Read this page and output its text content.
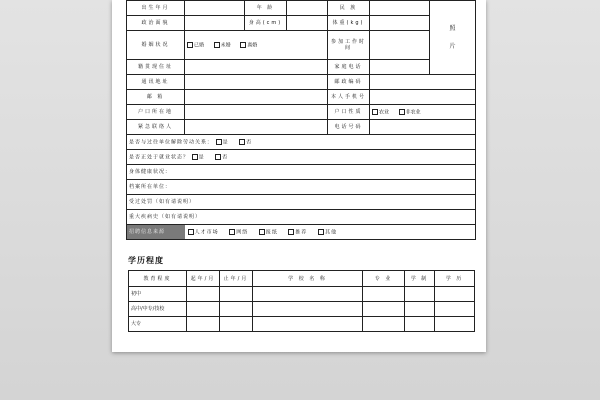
出生年月		年 龄		民 族		照
片

政治面貌		身高(cm)		体重(kg)		
婚姻状况	已婚 未婚 离婚			参加工作时间		

籍贯现住址				家庭电话		
通讯地址				邮政编码		
邮 箱				本人手机号		
户口所在地				户口性质	农业 非农业	
紧急联络人				电话号码		
是否与过往单位解除劳动关系： 是 否						
是否正处于就业状态？ 是 否						
身体健康状况：						
档案所在单位：						
受过处罚（如有请说明）						
重大疾病史（如有请说明）						
招聘信息来源 人才市场 网络 报纸 推荐 其他						
学历程度
教育程度	起年/月	止年/月	学 校 名 称	专 业	学 制	学 历
初中						
高中/中专/技校						
大专						
